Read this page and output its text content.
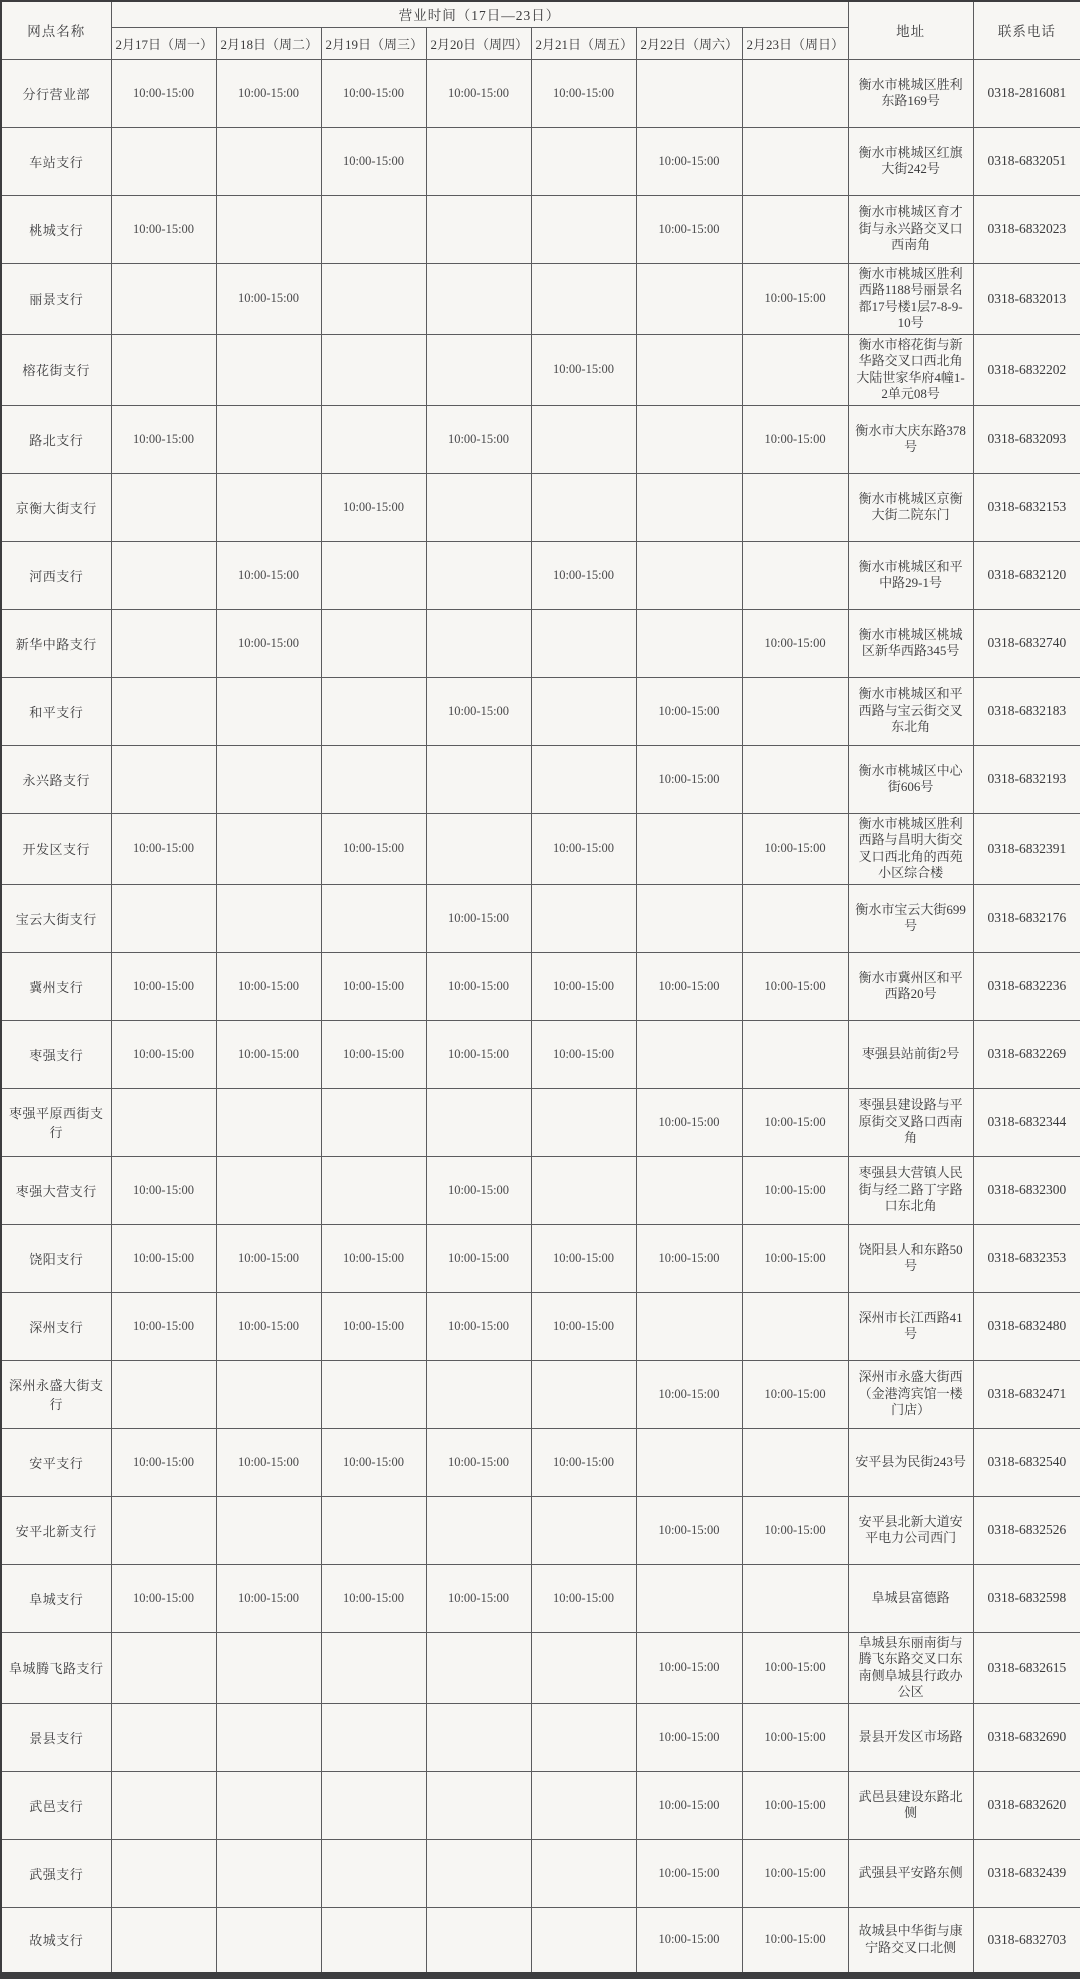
网点名称	营业时间（17日—23日）							地址	联系电话
	2月17日（周一）	2月18日（周二）	2月19日（周三）	2月20日（周四）	2月21日（周五）	2月22日（周六）	2月23日（周日）		
分行营业部	10:00-15:00	10:00-15:00	10:00-15:00	10:00-15:00	10:00-15:00			衡水市桃城区胜利东路169号	0318-2816081
车站支行			10:00-15:00			10:00-15:00		衡水市桃城区红旗大街242号	0318-6832051
桃城支行	10:00-15:00					10:00-15:00		衡水市桃城区育才街与永兴路交叉口西南角	0318-6832023
丽景支行		10:00-15:00					10:00-15:00	衡水市桃城区胜利西路1188号丽景名都17号楼1层7-8-9-10号	0318-6832013
榕花街支行					10:00-15:00			衡水市榕花街与新华路交叉口西北角大陆世家华府4幢1-2单元08号	0318-6832202
路北支行	10:00-15:00			10:00-15:00			10:00-15:00	衡水市大庆东路378号	0318-6832093
京衡大街支行			10:00-15:00					衡水市桃城区京衡大街二院东门	0318-6832153
河西支行		10:00-15:00			10:00-15:00			衡水市桃城区和平中路29-1号	0318-6832120
新华中路支行		10:00-15:00					10:00-15:00	衡水市桃城区桃城区新华西路345号	0318-6832740
和平支行				10:00-15:00		10:00-15:00		衡水市桃城区和平西路与宝云街交叉东北角	0318-6832183
永兴路支行						10:00-15:00		衡水市桃城区中心街606号	0318-6832193
开发区支行	10:00-15:00		10:00-15:00		10:00-15:00		10:00-15:00	衡水市桃城区胜利西路与昌明大街交叉口西北角的西苑小区综合楼	0318-6832391
宝云大街支行				10:00-15:00				衡水市宝云大街699号	0318-6832176
冀州支行	10:00-15:00	10:00-15:00	10:00-15:00	10:00-15:00	10:00-15:00	10:00-15:00	10:00-15:00	衡水市冀州区和平西路20号	0318-6832236
枣强支行	10:00-15:00	10:00-15:00	10:00-15:00	10:00-15:00	10:00-15:00			枣强县站前街2号	0318-6832269
枣强平原西街支行						10:00-15:00	10:00-15:00	枣强县建设路与平原街交叉路口西南角	0318-6832344
枣强大营支行	10:00-15:00			10:00-15:00			10:00-15:00	枣强县大营镇人民街与经二路丁字路口东北角	0318-6832300
饶阳支行	10:00-15:00	10:00-15:00	10:00-15:00	10:00-15:00	10:00-15:00	10:00-15:00	10:00-15:00	饶阳县人和东路50号	0318-6832353
深州支行	10:00-15:00	10:00-15:00	10:00-15:00	10:00-15:00	10:00-15:00			深州市长江西路41号	0318-6832480
深州永盛大街支行						10:00-15:00	10:00-15:00	深州市永盛大街西（金港湾宾馆一楼门店）	0318-6832471
安平支行	10:00-15:00	10:00-15:00	10:00-15:00	10:00-15:00	10:00-15:00			安平县为民街243号	0318-6832540
安平北新支行						10:00-15:00	10:00-15:00	安平县北新大道安平电力公司西门	0318-6832526
阜城支行	10:00-15:00	10:00-15:00	10:00-15:00	10:00-15:00	10:00-15:00			阜城县富德路	0318-6832598
阜城腾飞路支行						10:00-15:00	10:00-15:00	阜城县东丽南街与腾飞东路交叉口东南侧阜城县行政办公区	0318-6832615
景县支行						10:00-15:00	10:00-15:00	景县开发区市场路	0318-6832690
武邑支行						10:00-15:00	10:00-15:00	武邑县建设东路北侧	0318-6832620
武强支行						10:00-15:00	10:00-15:00	武强县平安路东侧	0318-6832439
故城支行						10:00-15:00	10:00-15:00	故城县中华街与康宁路交叉口北侧	0318-6832703
